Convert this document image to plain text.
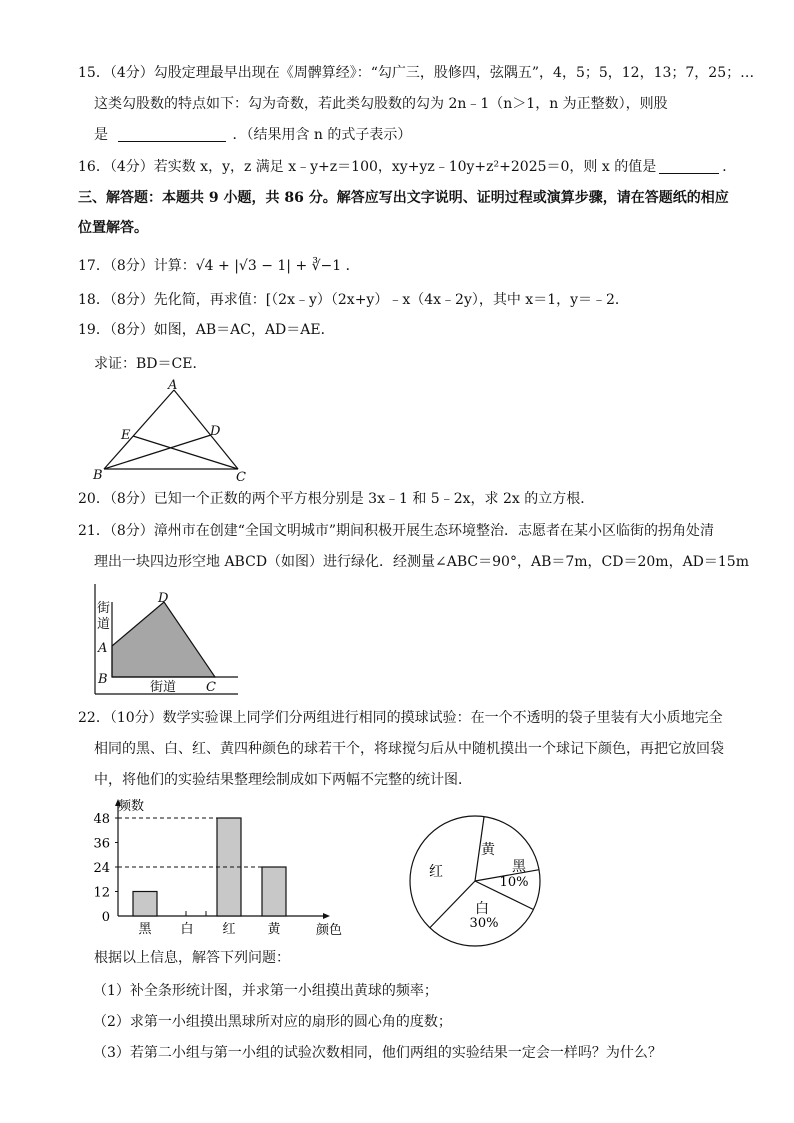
15．（4分）勾股定理最早出现在《周髀算经》：“勾广三，股修四，弦隅五”，4，5；5，12，13；7，25；…
这类勾股数的特点如下：勾为奇数，若此类勾股数的勾为 2n﹣1（n＞1，n 为正整数），则股
是	．（结果用含 n 的式子表示）
16．（4分）若实数 x，y，z 满足 x﹣y+z＝100，xy+yz﹣10y+z²+2025＝0，则 x 的值是	．
三、解答题：本题共 9 小题，共 86 分。解答应写出文字说明、证明过程或演算步骤，请在答题纸的相应
位置解答。
17．（8分）计算：√4 + |√3 − 1| + ∛−1 ．
18．（8分）先化简，再求值：[（2x﹣y）（2x+y）﹣x（4x﹣2y），其中 x＝1，y＝﹣2．
19．（8分）如图，AB＝AC，AD＝AE．
求证：BD＝CE．
A
B	C
D
E
20．（8分）已知一个正数的两个平方根分别是 3x﹣1 和 5﹣2x，求 2x 的立方根．
21．（8分）漳州市在创建“全国文明城市”期间积极开展生态环境整治．志愿者在某小区临街的拐角处清
理出一块四边形空地 ABCD（如图）进行绿化．经测量∠ABC＝90°，AB＝7m，CD＝20m，AD＝15m
街
道
街道
A
B
C
D
22．（10分）数学实验课上同学们分两组进行相同的摸球试验：在一个不透明的袋子里装有大小质地完全
相同的黑、白、红、黄四种颜色的球若干个，将球搅匀后从中随机摸出一个球记下颜色，再把它放回袋
中，将他们的实验结果整理绘制成如下两幅不完整的统计图．
0
12
24
36
48
黑 白 红 黄
频数
颜色
黄
黑
10%
白
30%
红
根据以上信息，解答下列问题：
（1）补全条形统计图，并求第一小组摸出黄球的频率；
（2）求第一小组摸出黑球所对应的扇形的圆心角的度数；
（3）若第二小组与第一小组的试验次数相同，他们两组的实验结果一定会一样吗？为什么？
